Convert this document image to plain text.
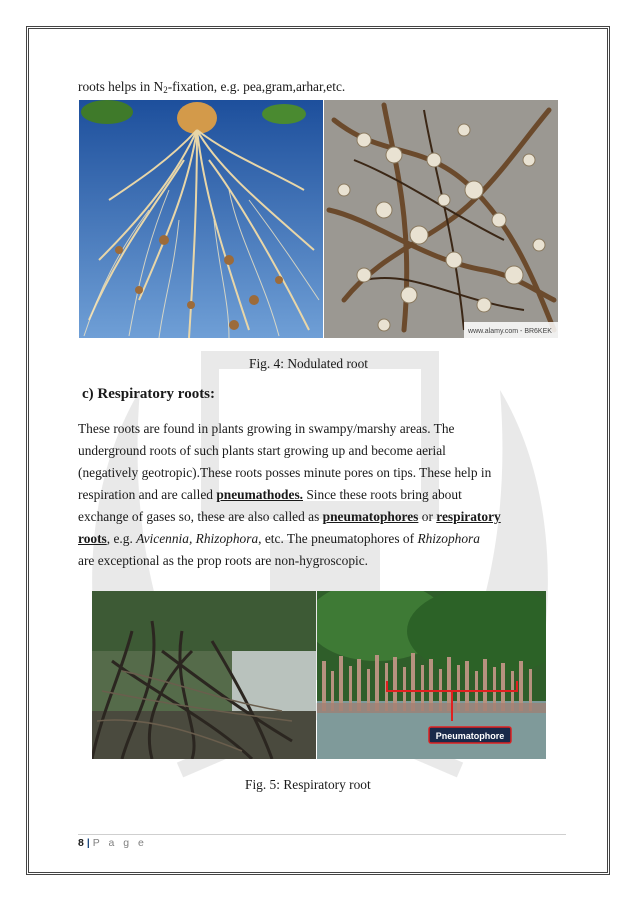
roots helps in $N_2$-fixation, e.g. pea,gram,arhar,etc.
www.alamy.com - BR6KEK
Fig. 4: Nodulated root
c) Respiratory roots:
These roots are found in plants growing in swampy/marshy areas. The
underground roots of such plants start growing up and become aerial
(negatively geotropic).These roots posses minute pores on tips. These help in
respiration and are called pneumathodes. Since these roots bring about
exchange of gases so, these are also called as pneumatophores or respiratory
roots, e.g. Avicennia, Rhizophora, etc. The pneumatophores of Rhizophora
are exceptional as the prop roots are non-hygroscopic.
Pneumatophore
Fig. 5: Respiratory root
8 | P a g e
